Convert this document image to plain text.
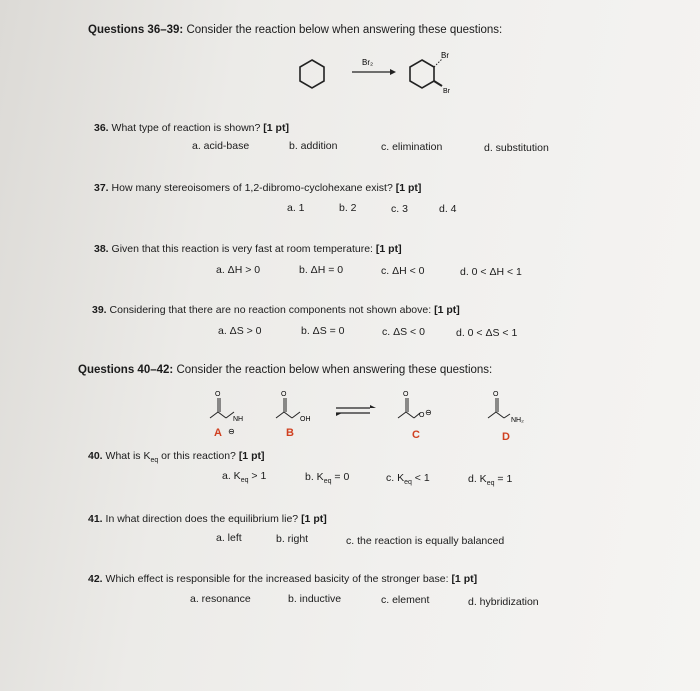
Questions 36–39: Consider the reaction below when answering these questions:
Br₂
Br
Br
36. What type of reaction is shown? [1 pt]
a. acid-base	b. addition	c. elimination	d. substitution
37. How many stereoisomers of 1,2-dibromo-cyclohexane exist? [1 pt]
a. 1	b. 2	c. 3	d. 4
38. Given that this reaction is very fast at room temperature: [1 pt]
a. ΔH > 0	b. ΔH = 0	c. ΔH < 0	d. 0 < ΔH < 1
39. Considering that there are no reaction components not shown above: [1 pt]
a. ΔS > 0	b. ΔS = 0	c. ΔS < 0	d. 0 < ΔS < 1
Questions 40–42: Consider the reaction below when answering these questions:
O
NH
A ⊖
O
OH
B
O
O ⊖
C
O
NH₂
D
40. What is $K_{eq}$ or this reaction? [1 pt]
a. $K_{eq} > 1$	b. $K_{eq} = 0$	c. $K_{eq} < 1$	d. $K_{eq} = 1$
41. In what direction does the equilibrium lie? [1 pt]
a. left	b. right	c. the reaction is equally balanced
42. Which effect is responsible for the increased basicity of the stronger base: [1 pt]
a. resonance	b. inductive	c. element	d. hybridization
